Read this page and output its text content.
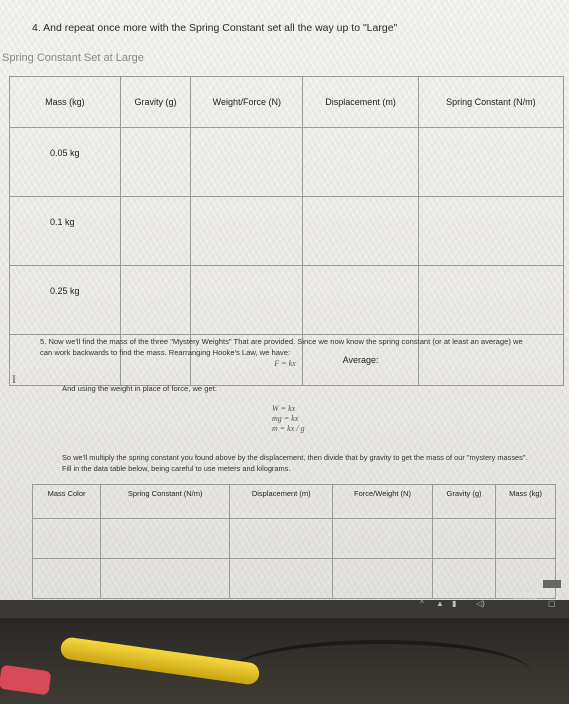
4. And repeat once more with the Spring Constant set all the way up to "Large"
Spring Constant Set at Large
Mass (kg)	Gravity (g)	Weight/Force (N)	Displacement (m)	Spring Constant (N/m)
0.05 kg				
0.1 kg				
0.25 kg				
			Average:	
5. Now we'll find the mass of the three "Mystery Weights" That are provided. Since we now know the spring constant (or at least an average) we can work backwards to find the mass. Rearranging Hooke's Law, we have:
F = kx
I
And using the weight in place of force, we get:
W = kx
mg = kx
m = kx / g
So we'll multiply the spring constant you found above by the displacement, then divide that by gravity to get the mass of our "mystery masses". Fill in the data table below, being careful to use meters and kilograms.
Mass Color	Spring Constant (N/m)	Displacement (m)	Force/Weight (N)	Gravity (g)	Mass (kg)

^ ▲ ▮ ◁)
9:41 AM
3/9/2021
▢
